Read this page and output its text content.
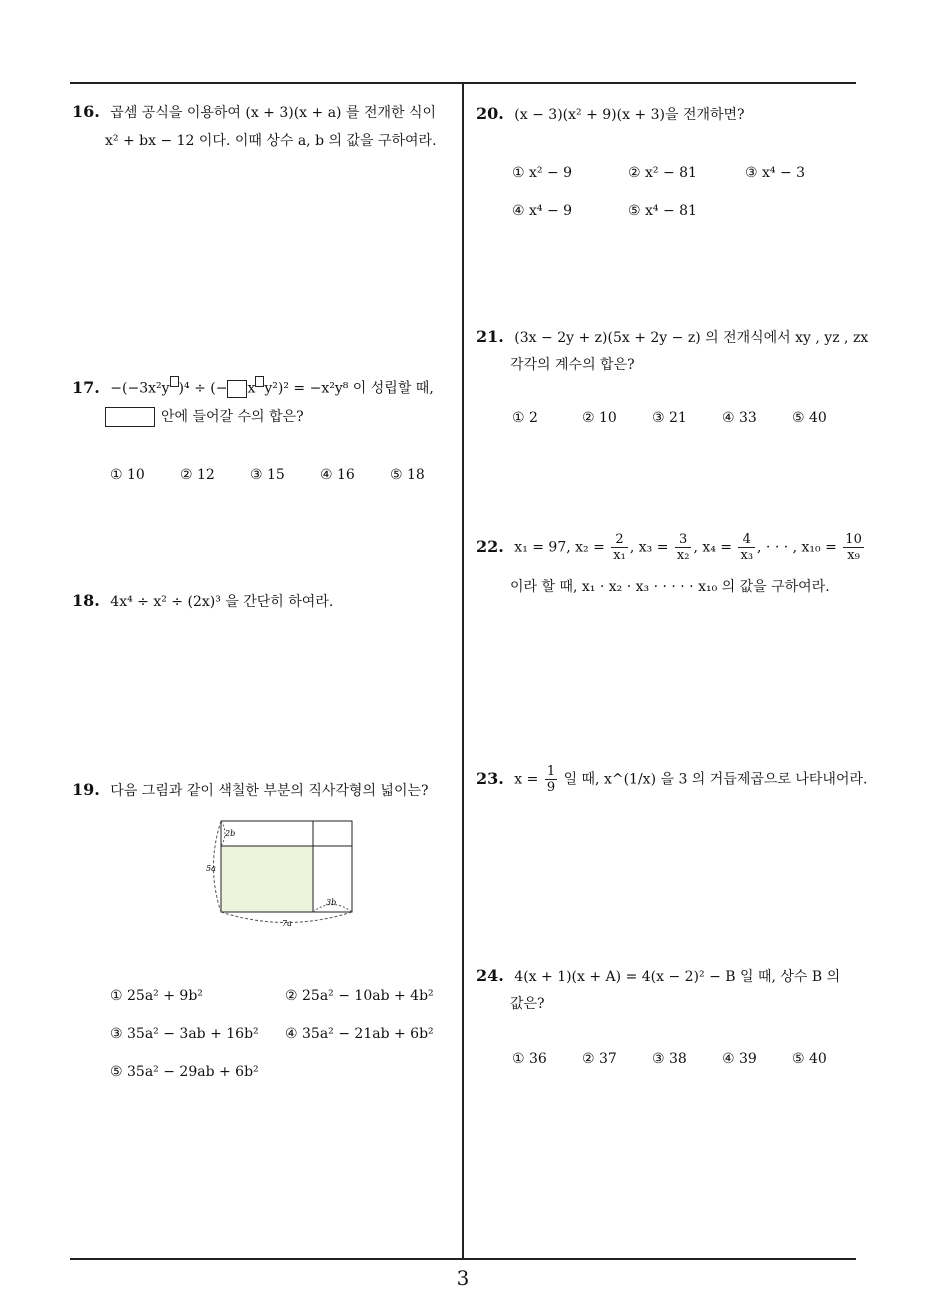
16. 곱셈 공식을 이용하여 (x + 3)(x + a) 를 전개한 식이
x² + bx − 12 이다. 이때 상수 a, b 의 값을 구하여라.
17. −(−3x²y )⁴ ÷ (− x y²)² = −x²y⁸ 이 성립할 때,
안에 들어갈 수의 합은?
① 10	② 12	③ 15	④ 16	⑤ 18
18. 4x⁴ ÷ x² ÷ (2x)³ 을 간단히 하여라.
19. 다음 그림과 같이 색칠한 부분의 직사각형의 넓이는?
2b
5a
7a
3b
① 25a² + 9b²	② 25a² − 10ab + 4b²
③ 35a² − 3ab + 16b² ④ 35a² − 21ab + 6b²
⑤ 35a² − 29ab + 6b²
20. (x − 3)(x² + 9)(x + 3)을 전개하면?
① x² − 9	② x² − 81	③ x⁴ − 3
④ x⁴ − 9	⑤ x⁴ − 81
21. (3x − 2y + z)(5x + 2y − z) 의 전개식에서 xy , yz , zx
각각의 계수의 합은?
① 2	② 10	③ 21	④ 33	⑤ 40
22. x₁ = 97, $x_2 = \frac{2}{\text{x₁}}$ , $x_3 = \frac{3}{\text{x₂}}$ , $x_4 = \frac{4}{\text{x₃}}$ , · · · , $x_{10} = \frac{10}{\text{x₉}}$
이라 할 때, x₁ · x₂ · x₃ · · · · · x₁₀ 의 값을 구하여라.
23. $x = \frac{1}{9}$ 일 때, x^(1/x) 을 3 의 거듭제곱으로 나타내어라.
24. 4(x + 1)(x + A) = 4(x − 2)² − B 일 때, 상수 B 의
값은?
① 36	② 37	③ 38	④ 39	⑤ 40
3
